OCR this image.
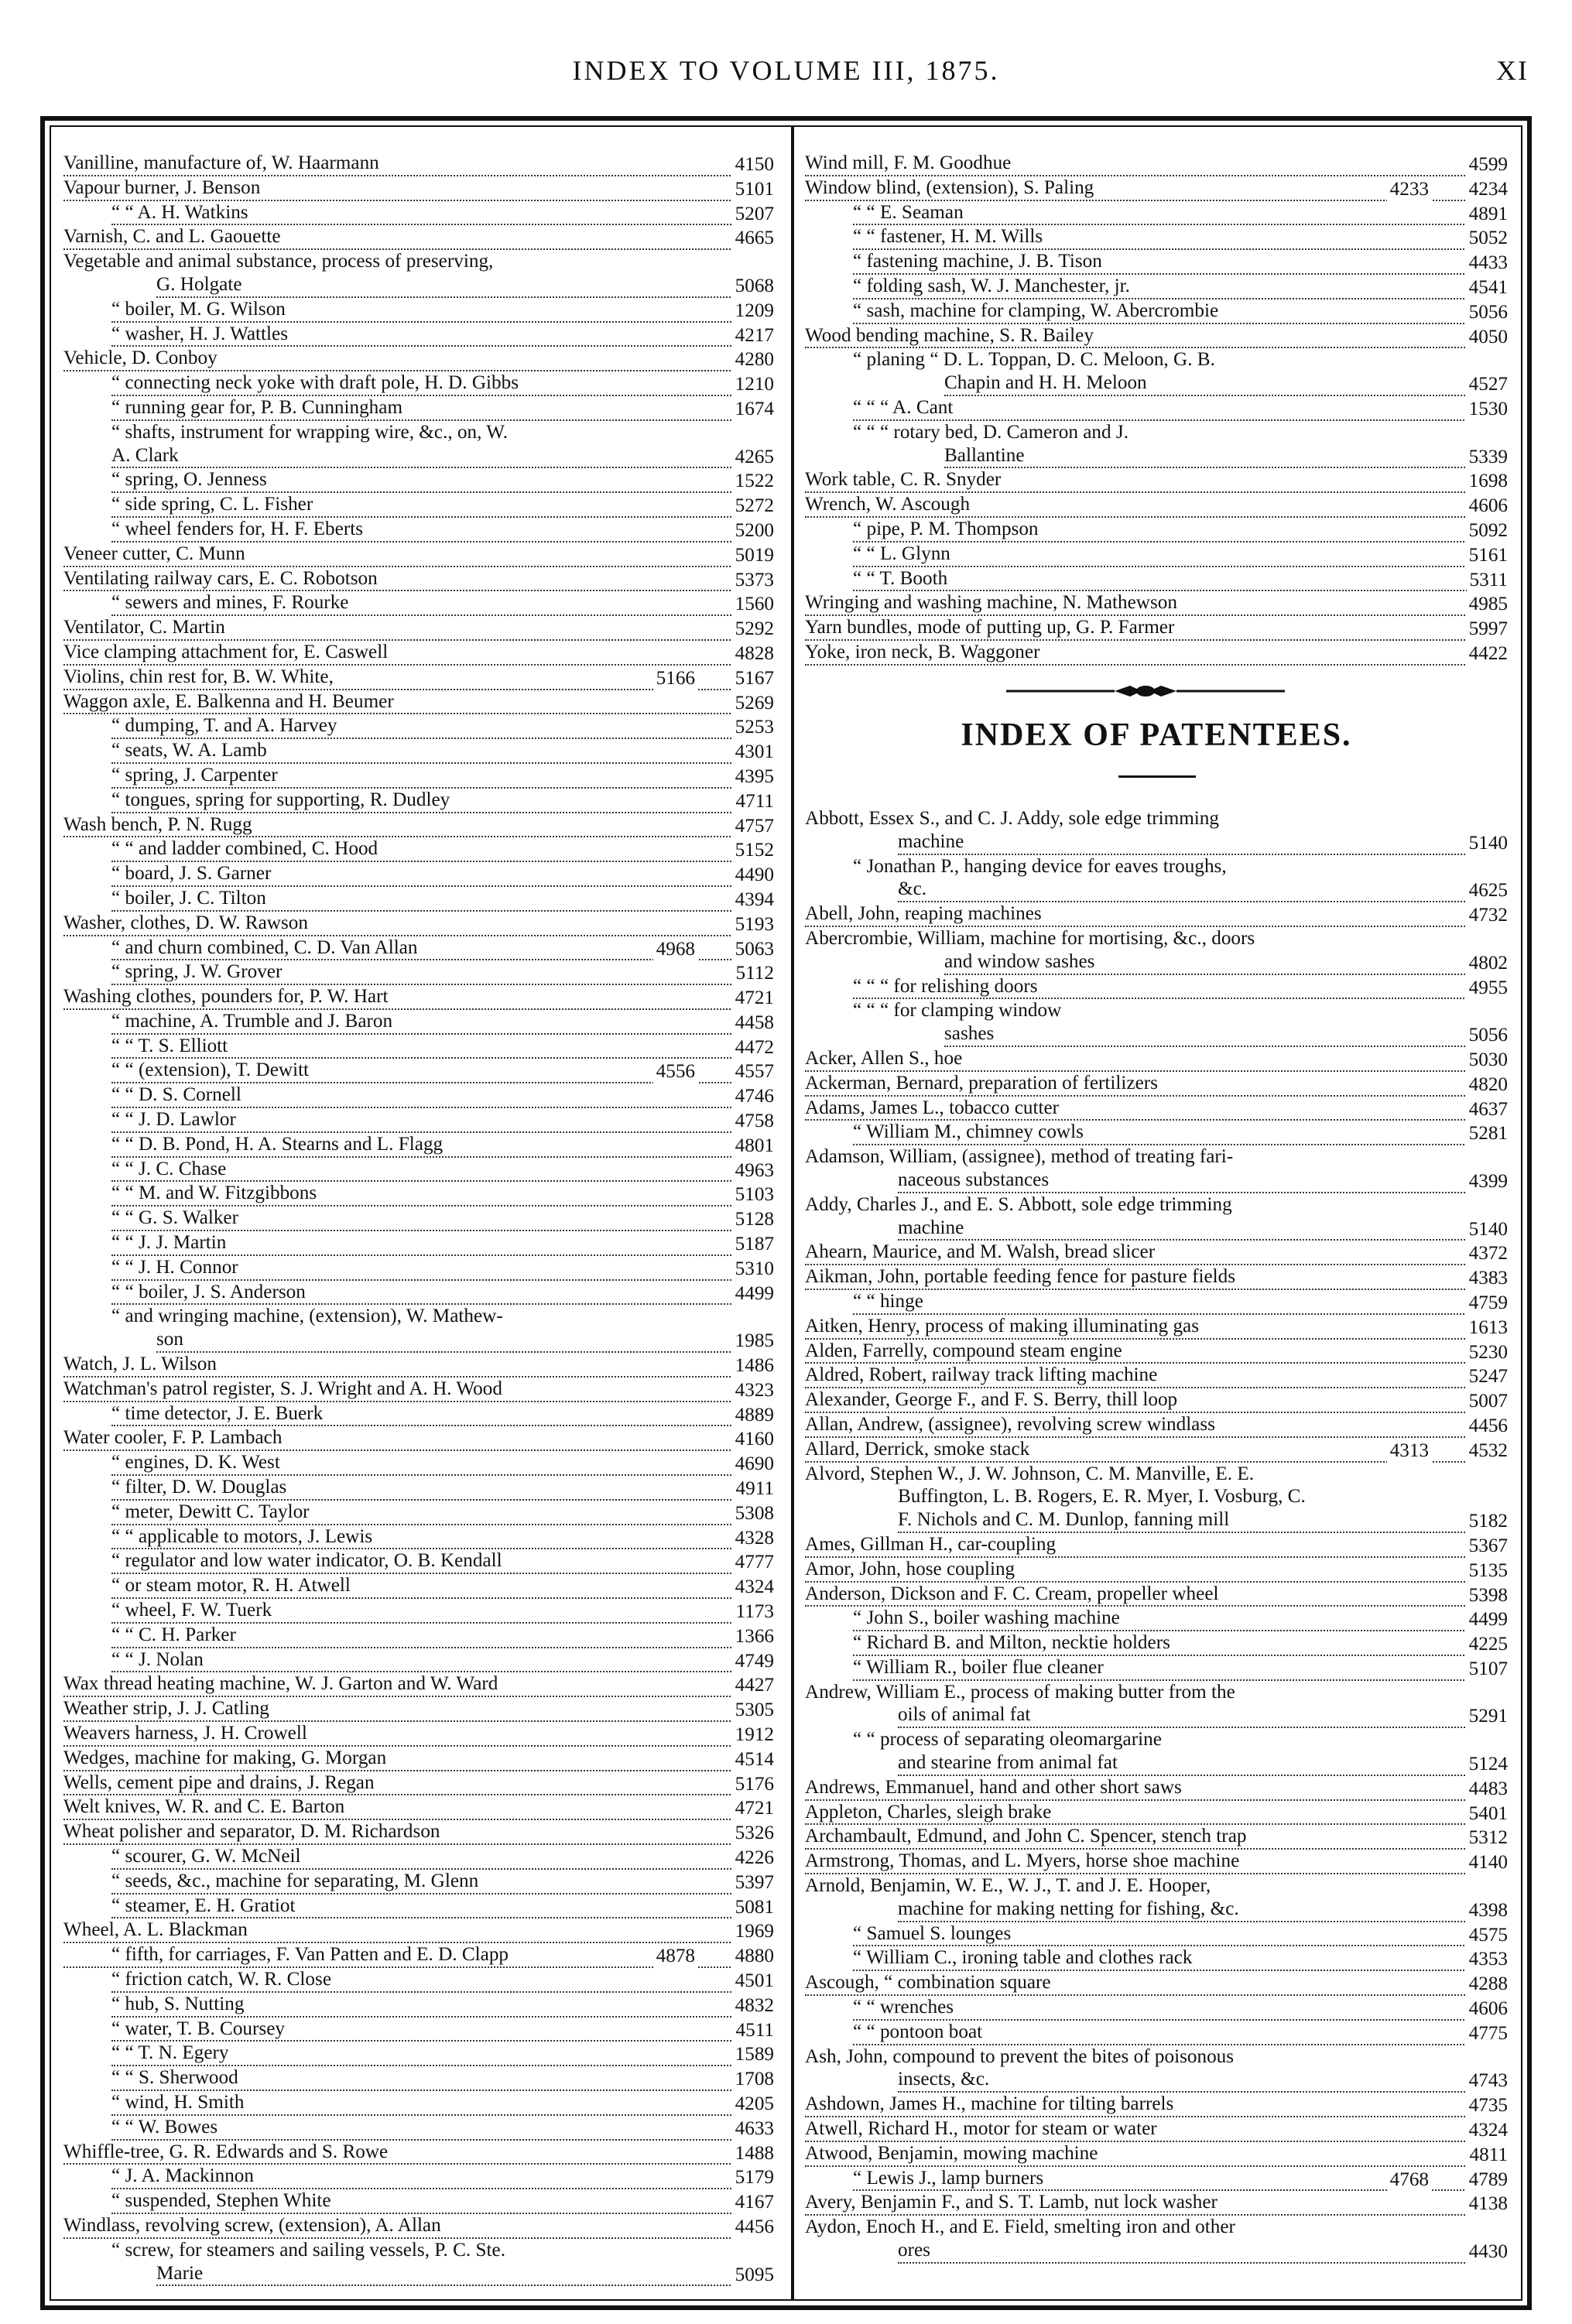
INDEX TO VOLUME III, 1875.	XI
Vanilline, manufacture of, W. Haarmann	4150
Vapour burner, J. Benson	5101
“ “ A. H. Watkins	5207
Varnish, C. and L. Gaouette	4665
Vegetable and animal substance, process of preserving,
G. Holgate	5068
“ boiler, M. G. Wilson	1209
“ washer, H. J. Wattles	4217
Vehicle, D. Conboy	4280
“ connecting neck yoke with draft pole, H. D. Gibbs	1210
“ running gear for, P. B. Cunningham	1674
“ shafts, instrument for wrapping wire, &c., on, W.
A. Clark	4265
“ spring, O. Jenness	1522
“ side spring, C. L. Fisher	5272
“ wheel fenders for, H. F. Eberts	5200
Veneer cutter, C. Munn	5019
Ventilating railway cars, E. C. Robotson	5373
“ sewers and mines, F. Rourke	1560
Ventilator, C. Martin	5292
Vice clamping attachment for, E. Caswell	4828
Violins, chin rest for, B. W. White,	5166 5167
Waggon axle, E. Balkenna and H. Beumer	5269
“ dumping, T. and A. Harvey	5253
“ seats, W. A. Lamb	4301
“ spring, J. Carpenter	4395
“ tongues, spring for supporting, R. Dudley	4711
Wash bench, P. N. Rugg	4757
“ “ and ladder combined, C. Hood	5152
“ board, J. S. Garner	4490
“ boiler, J. C. Tilton	4394
Washer, clothes, D. W. Rawson	5193
“ and churn combined, C. D. Van Allan	4968 5063
“ spring, J. W. Grover	5112
Washing clothes, pounders for, P. W. Hart	4721
“ machine, A. Trumble and J. Baron	4458
“ “ T. S. Elliott	4472
“ “ (extension), T. Dewitt	4556 4557
“ “ D. S. Cornell	4746
“ “ J. D. Lawlor	4758
“ “ D. B. Pond, H. A. Stearns and L. Flagg	4801
“ “ J. C. Chase	4963
“ “ M. and W. Fitzgibbons	5103
“ “ G. S. Walker	5128
“ “ J. J. Martin	5187
“ “ J. H. Connor	5310
“ “ boiler, J. S. Anderson	4499
“ and wringing machine, (extension), W. Mathew-
son	1985
Watch, J. L. Wilson	1486
Watchman's patrol register, S. J. Wright and A. H. Wood	4323
“ time detector, J. E. Buerk	4889
Water cooler, F. P. Lambach	4160
“ engines, D. K. West	4690
“ filter, D. W. Douglas	4911
“ meter, Dewitt C. Taylor	5308
“ “ applicable to motors, J. Lewis	4328
“ regulator and low water indicator, O. B. Kendall	4777
“ or steam motor, R. H. Atwell	4324
“ wheel, F. W. Tuerk	1173
“ “ C. H. Parker	1366
“ “ J. Nolan	4749
Wax thread heating machine, W. J. Garton and W. Ward	4427
Weather strip, J. J. Catling	5305
Weavers harness, J. H. Crowell	1912
Wedges, machine for making, G. Morgan	4514
Wells, cement pipe and drains, J. Regan	5176
Welt knives, W. R. and C. E. Barton	4721
Wheat polisher and separator, D. M. Richardson	5326
“ scourer, G. W. McNeil	4226
“ seeds, &c., machine for separating, M. Glenn	5397
“ steamer, E. H. Gratiot	5081
Wheel, A. L. Blackman	1969
“ fifth, for carriages, F. Van Patten and E. D. Clapp	4878 4880
“ friction catch, W. R. Close	4501
“ hub, S. Nutting	4832
“ water, T. B. Coursey	4511
“ “ T. N. Egery	1589
“ “ S. Sherwood	1708
“ wind, H. Smith	4205
“ “ W. Bowes	4633
Whiffle-tree, G. R. Edwards and S. Rowe	1488
“ J. A. Mackinnon	5179
“ suspended, Stephen White	4167
Windlass, revolving screw, (extension), A. Allan	4456
“ screw, for steamers and sailing vessels, P. C. Ste.
Marie	5095
Wind mill, F. M. Goodhue	4599
Window blind, (extension), S. Paling	4233 4234
“ “ E. Seaman	4891
“ “ fastener, H. M. Wills	5052
“ fastening machine, J. B. Tison	4433
“ folding sash, W. J. Manchester, jr.	4541
“ sash, machine for clamping, W. Abercrombie	5056
Wood bending machine, S. R. Bailey	4050
“ planing “ D. L. Toppan, D. C. Meloon, G. B.
Chapin and H. H. Meloon	4527
“ “ “ A. Cant	1530
“ “ “ rotary bed, D. Cameron and J.
Ballantine	5339
Work table, C. R. Snyder	1698
Wrench, W. Ascough	4606
“ pipe, P. M. Thompson	5092
“ “ L. Glynn	5161
“ “ T. Booth	5311
Wringing and washing machine, N. Mathewson	4985
Yarn bundles, mode of putting up, G. P. Farmer	5997
Yoke, iron neck, B. Waggoner	4422
INDEX OF PATENTEES.
Abbott, Essex S., and C. J. Addy, sole edge trimming
machine	5140
“ Jonathan P., hanging device for eaves troughs,
&c.	4625
Abell, John, reaping machines	4732
Abercrombie, William, machine for mortising, &c., doors
and window sashes	4802
“ “ “ for relishing doors	4955
“ “ “ for clamping window
sashes	5056
Acker, Allen S., hoe	5030
Ackerman, Bernard, preparation of fertilizers	4820
Adams, James L., tobacco cutter	4637
“ William M., chimney cowls	5281
Adamson, William, (assignee), method of treating fari-
naceous substances	4399
Addy, Charles J., and E. S. Abbott, sole edge trimming
machine	5140
Ahearn, Maurice, and M. Walsh, bread slicer	4372
Aikman, John, portable feeding fence for pasture fields	4383
“ “ hinge	4759
Aitken, Henry, process of making illuminating gas	1613
Alden, Farrelly, compound steam engine	5230
Aldred, Robert, railway track lifting machine	5247
Alexander, George F., and F. S. Berry, thill loop	5007
Allan, Andrew, (assignee), revolving screw windlass	4456
Allard, Derrick, smoke stack	4313 4532
Alvord, Stephen W., J. W. Johnson, C. M. Manville, E. E.
Buffington, L. B. Rogers, E. R. Myer, I. Vosburg, C.
F. Nichols and C. M. Dunlop, fanning mill	5182
Ames, Gillman H., car-coupling	5367
Amor, John, hose coupling	5135
Anderson, Dickson and F. C. Cream, propeller wheel	5398
“ John S., boiler washing machine	4499
“ Richard B. and Milton, necktie holders	4225
“ William R., boiler flue cleaner	5107
Andrew, William E., process of making butter from the
oils of animal fat	5291
“ “ process of separating oleomargarine
and stearine from animal fat	5124
Andrews, Emmanuel, hand and other short saws	4483
Appleton, Charles, sleigh brake	5401
Archambault, Edmund, and John C. Spencer, stench trap	5312
Armstrong, Thomas, and L. Myers, horse shoe machine	4140
Arnold, Benjamin, W. E., W. J., T. and J. E. Hooper,
machine for making netting for fishing, &c.	4398
“ Samuel S. lounges	4575
“ William C., ironing table and clothes rack	4353
Ascough, “ combination square	4288
“ “ wrenches	4606
“ “ pontoon boat	4775
Ash, John, compound to prevent the bites of poisonous
insects, &c.	4743
Ashdown, James H., machine for tilting barrels	4735
Atwell, Richard H., motor for steam or water	4324
Atwood, Benjamin, mowing machine	4811
“ Lewis J., lamp burners	4768 4789
Avery, Benjamin F., and S. T. Lamb, nut lock washer	4138
Aydon, Enoch H., and E. Field, smelting iron and other
ores	4430
